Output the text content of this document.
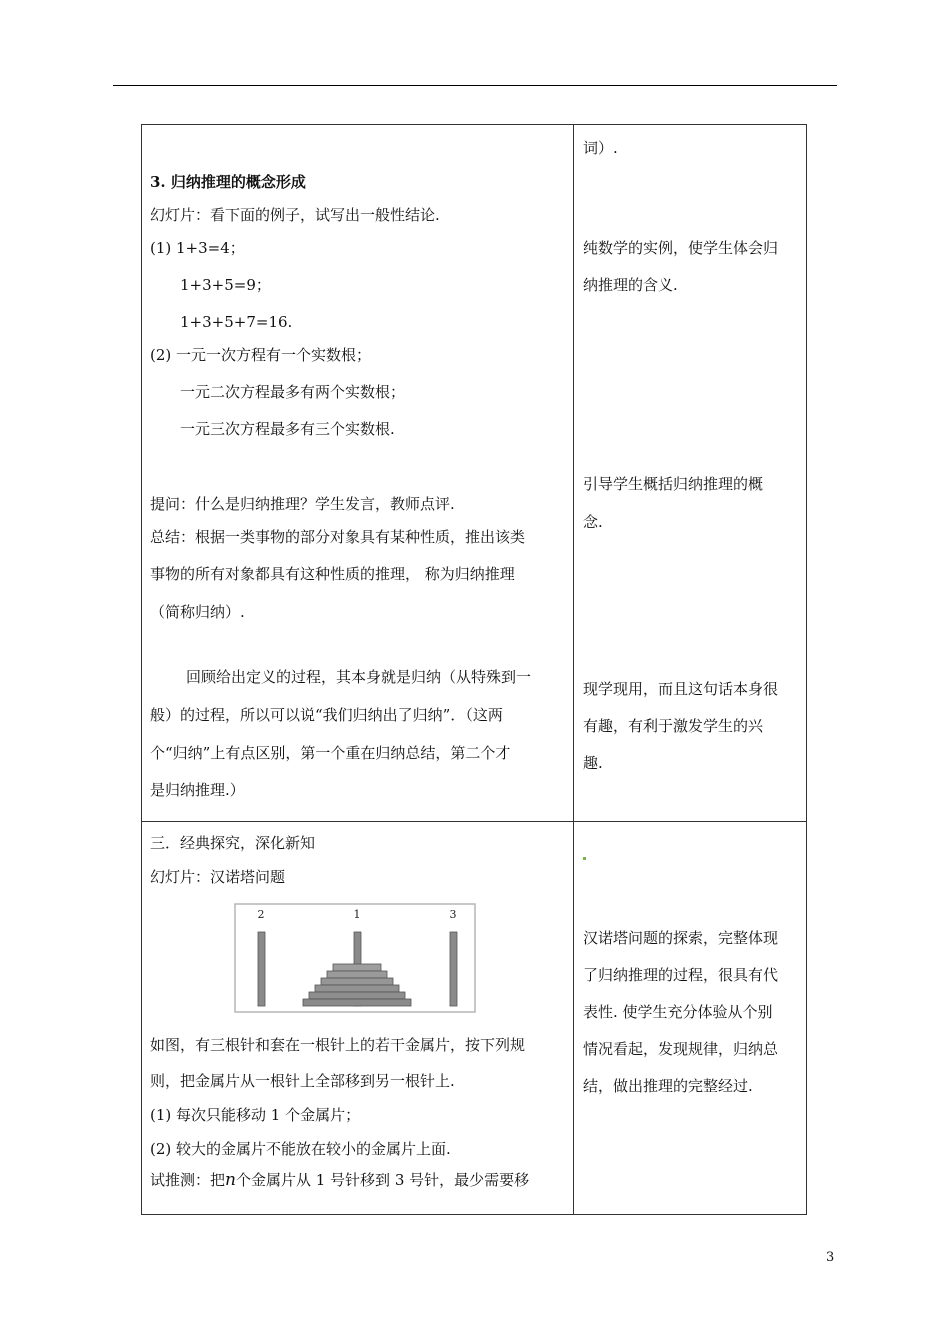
3. 归纳推理的概念形成
幻灯片：看下面的例子，试写出一般性结论.
(1) 1+3=4；
1+3+5=9；
1+3+5+7=16.
(2) 一元一次方程有一个实数根；
一元二次方程最多有两个实数根；
一元三次方程最多有三个实数根.
提问：什么是归纳推理？学生发言，教师点评.
总结：根据一类事物的部分对象具有某种性质，推出该类
事物的所有对象都具有这种性质的推理， 称为归纳推理
（简称归纳）.
回顾给出定义的过程，其本身就是归纳（从特殊到一
般）的过程，所以可以说“我们归纳出了归纳”．（这两
个“归纳”上有点区别，第一个重在归纳总结，第二个才
是归纳推理.）
词）.
纯数学的实例，使学生体会归
纳推理的含义.
引导学生概括归纳推理的概
念.
现学现用，而且这句话本身很
有趣，有利于激发学生的兴
趣.
三．经典探究，深化新知
幻灯片：汉诺塔问题
2	1	3
如图，有三根针和套在一根针上的若干金属片，按下列规
则，把金属片从一根针上全部移到另一根针上.
(1) 每次只能移动 1 个金属片；
(2) 较大的金属片不能放在较小的金属片上面.
试推测：把n个金属片从 1 号针移到 3 号针，最少需要移
汉诺塔问题的探索，完整体现
了归纳推理的过程，很具有代
表性. 使学生充分体验从个别
情况看起，发现规律，归纳总
结，做出推理的完整经过.
3
